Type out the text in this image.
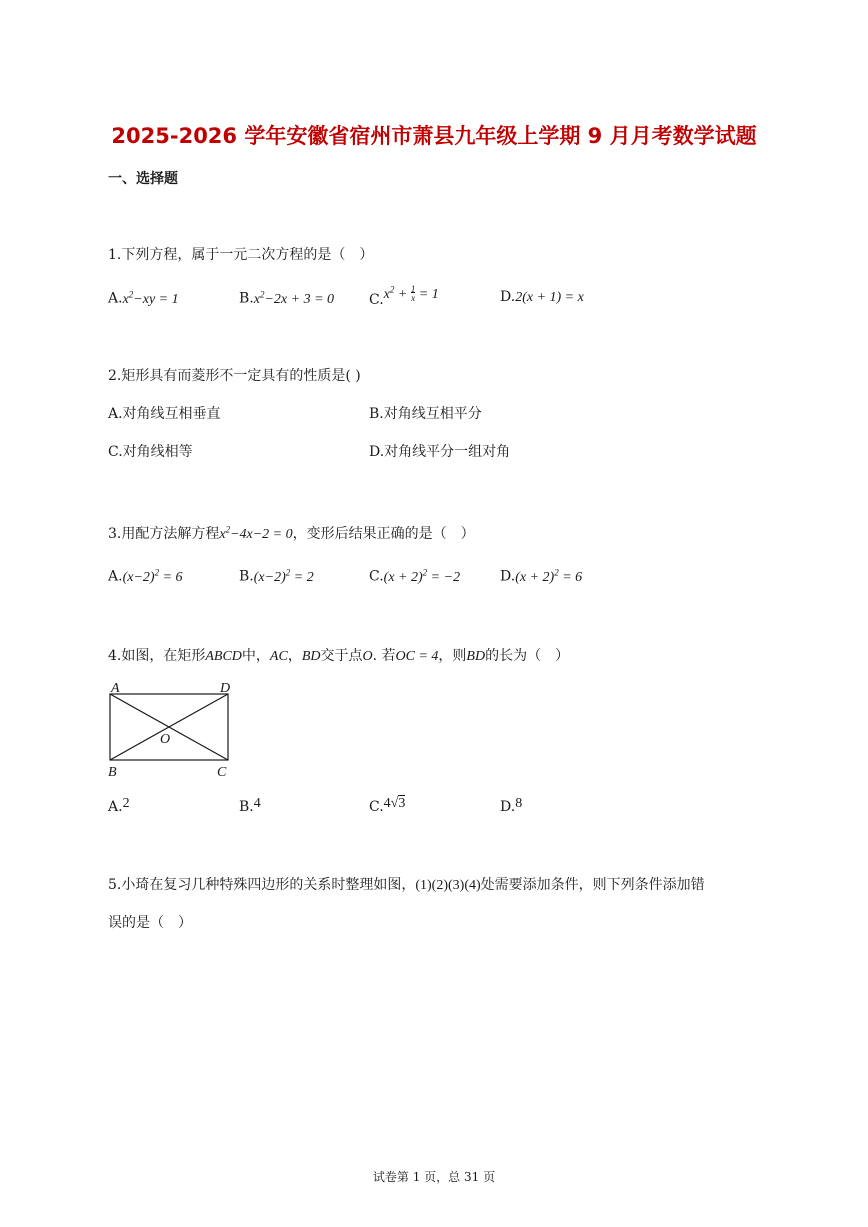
2025-2026 学年安徽省宿州市萧县九年级上学期 9 月月考数学试题
一、选择题
1.下列方程，属于一元二次方程的是（　）
$A.x^2-xy = 1$	$B.x^2-2x + 3 = 0$ $C.x^2 + 1$
x = 1	D.2(x + 1) = x
2.矩形具有而菱形不一定具有的性质是( )
A.对角线互相垂直	B.对角线互相平分
C.对角线相等	D.对角线平分一组对角
3.用配方法解方程$x^2-4x-2 = 0$，变形后结果正确的是（　）
$A.(x-2)^2 = 6$	$B.(x-2)^2 = 2$	$C.(x + 2)^2 = -2$	$D.(x + 2)^2 = 6$
4.如图，在矩形ABCD中，AC，BD交于点O. 若OC = 4，则BD的长为（　）
A	D
B	C
O
A.2	B.4	C.4√3	D.8
5.小琦在复习几种特殊四边形的关系时整理如图，(1)(2)(3)(4)处需要添加条件，则下列条件添加错
误的是（　）
试卷第 1 页，总 31 页
